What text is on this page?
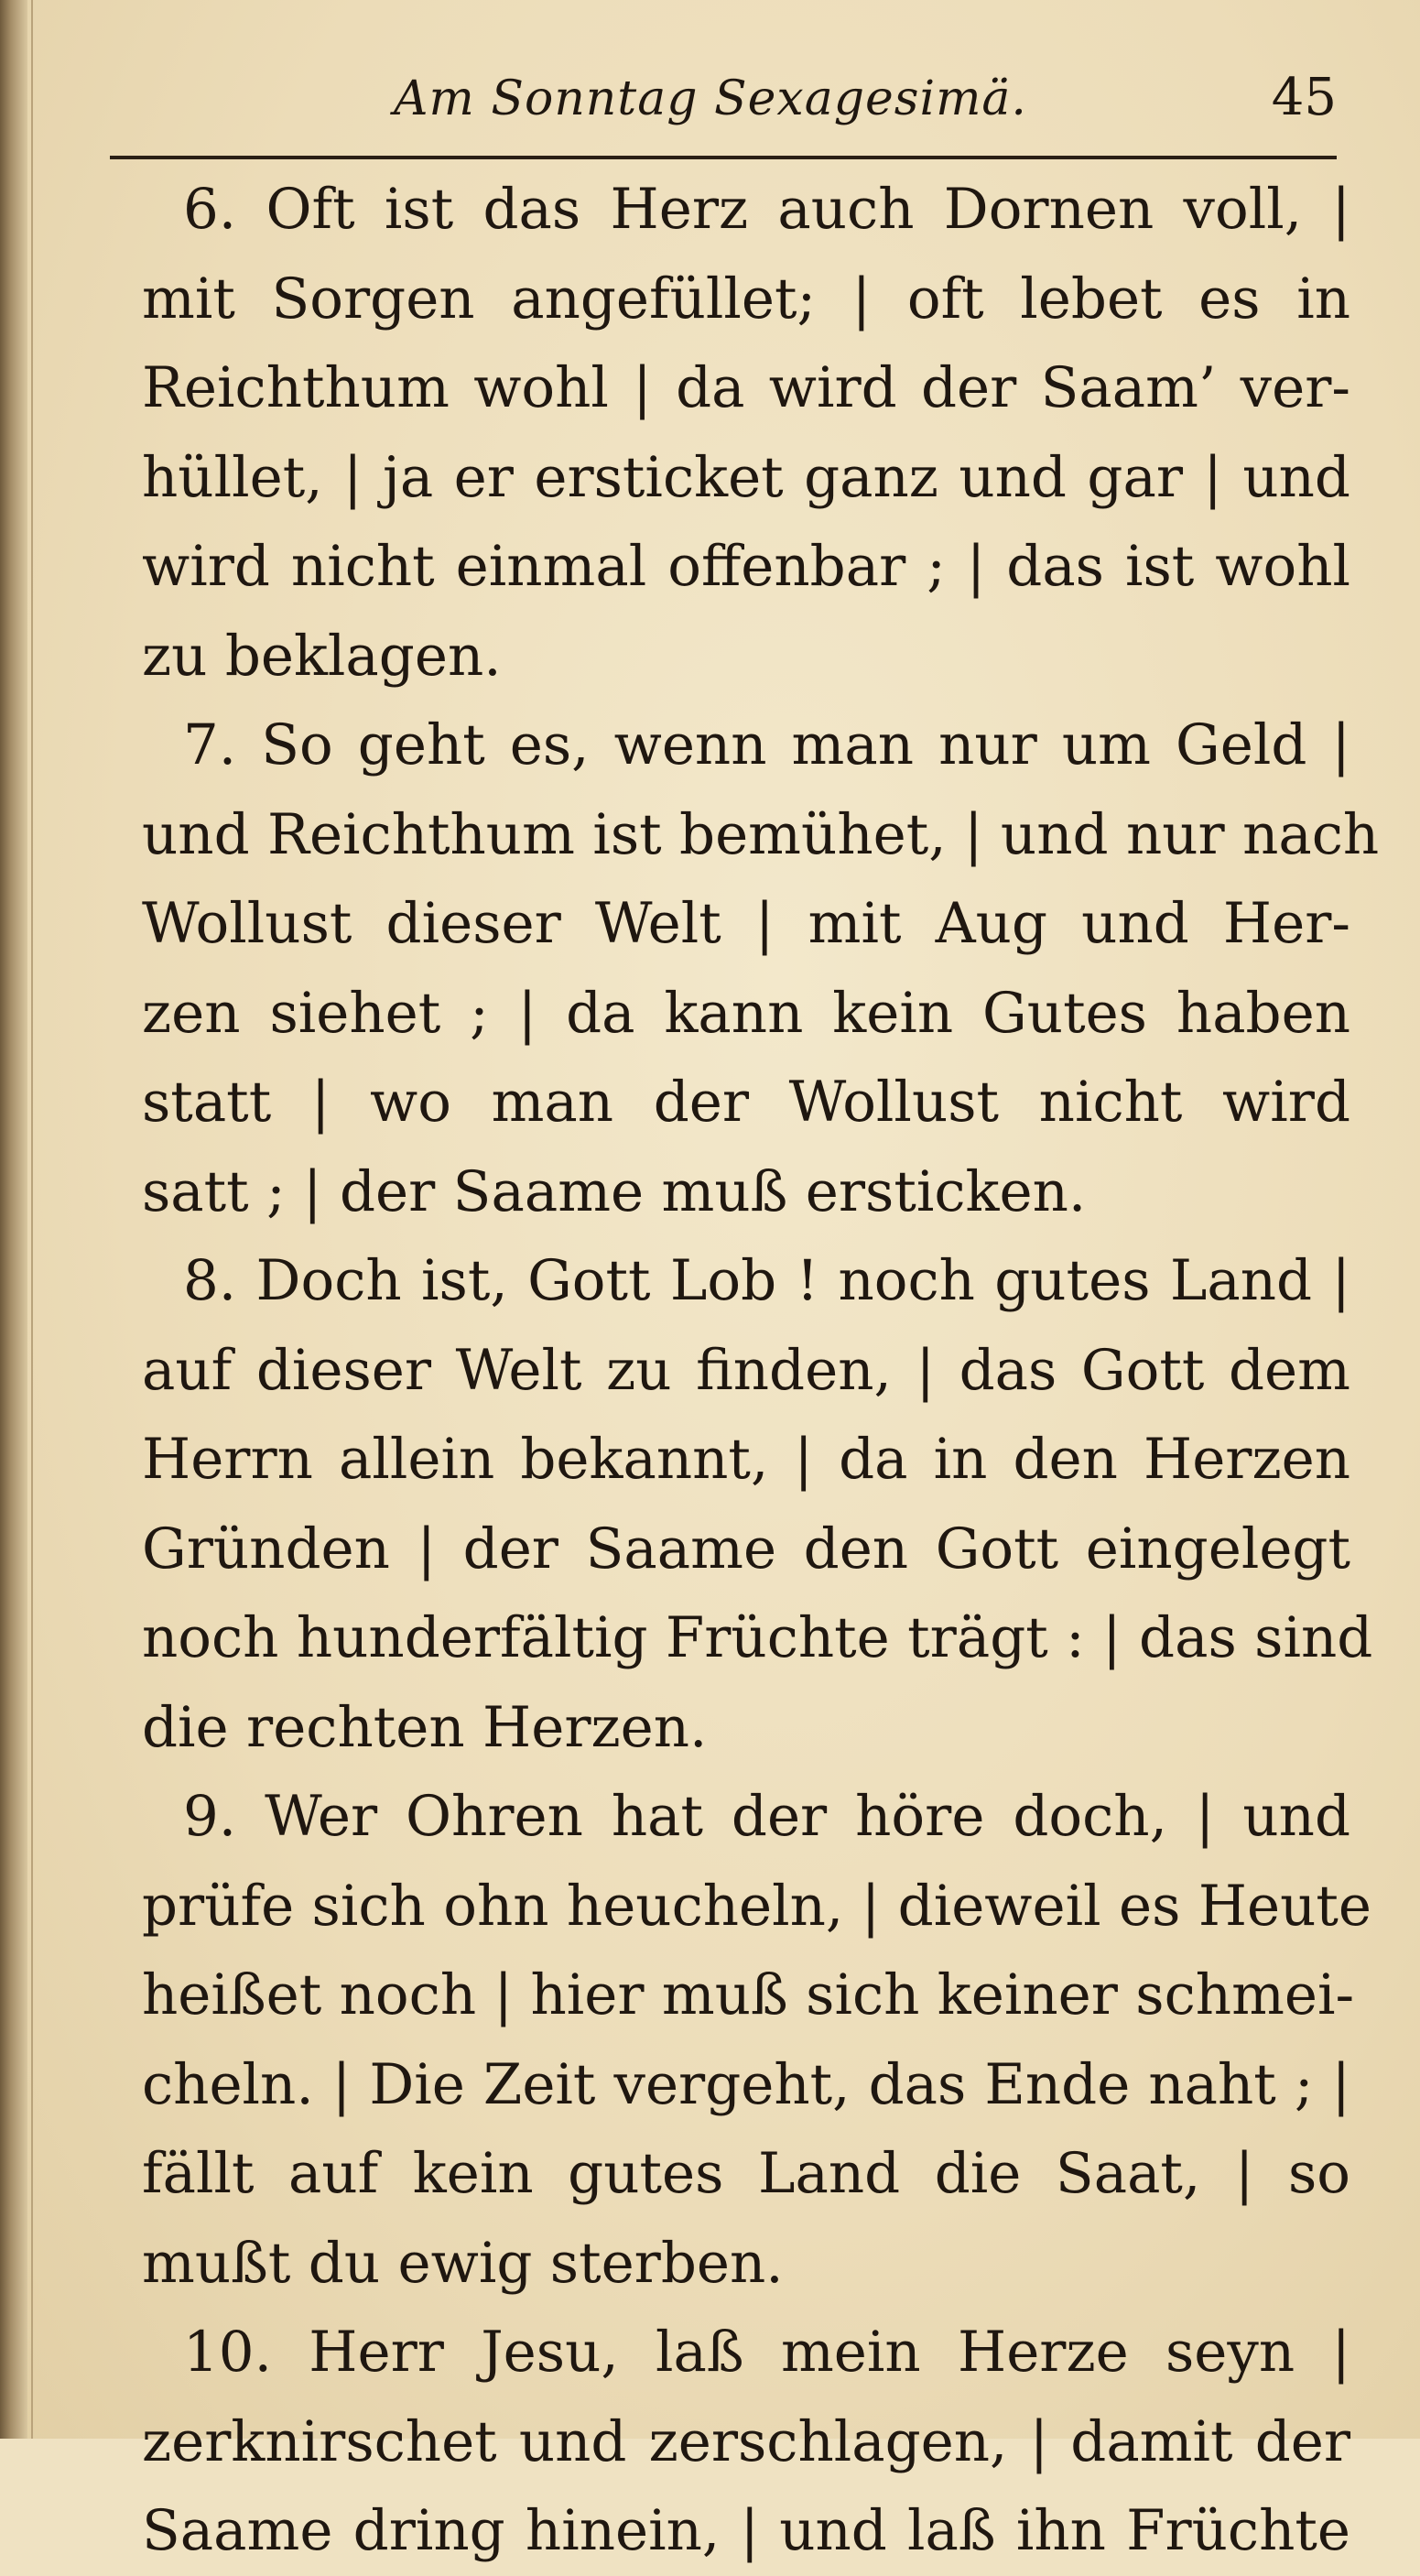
Am Sonntag Sexagesimä.	45
6. Oft ist das Herz auch Dornen voll, |
mit Sorgen angefüllet; | oft lebet es in
Reichthum wohl | da wird der Saam’ ver-
hüllet, | ja er ersticket ganz und gar | und
wird nicht einmal offenbar ; | das ist wohl
zu beklagen.
7. So geht es, wenn man nur um Geld |
und Reichthum ist bemühet, | und nur nach
Wollust dieser Welt | mit Aug und Her-
zen siehet ; | da kann kein Gutes haben
statt | wo man der Wollust nicht wird
satt ; | der Saame muß ersticken.
8. Doch ist, Gott Lob ! noch gutes Land |
auf dieser Welt zu finden, | das Gott dem
Herrn allein bekannt, | da in den Herzen
Gründen | der Saame den Gott eingelegt
noch hunderfältig Früchte trägt : | das sind
die rechten Herzen.
9. Wer Ohren hat der höre doch, | und
prüfe sich ohn heucheln, | dieweil es Heute
heißet noch | hier muß sich keiner schmei-
cheln. | Die Zeit vergeht, das Ende naht ; |
fällt auf kein gutes Land die Saat, | so
mußt du ewig sterben.
10. Herr Jesu, laß mein Herze seyn |
zerknirschet und zerschlagen, | damit der
Saame dring hinein, | und laß ihn Früchte
